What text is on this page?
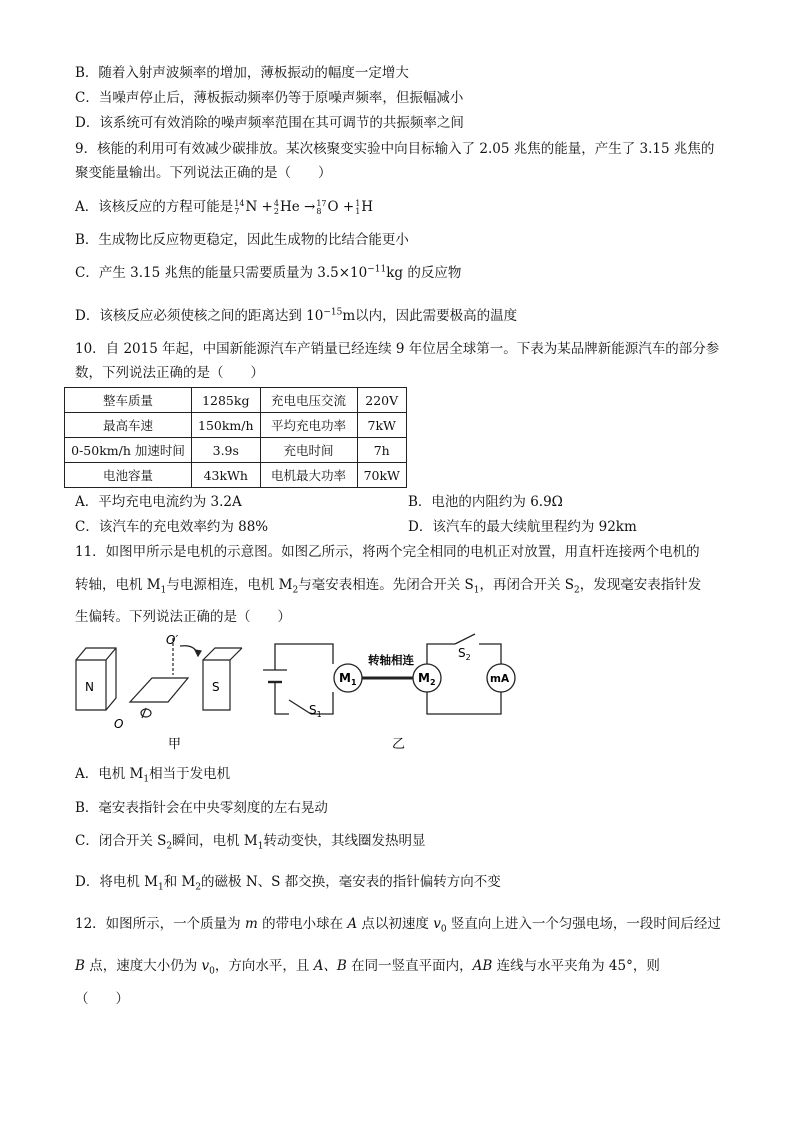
B．随着入射声波频率的增加，薄板振动的幅度一定增大
C．当噪声停止后，薄板振动频率仍等于原噪声频率，但振幅减小
D．该系统可有效消除的噪声频率范围在其可调节的共振频率之间
9．核能的利用可有效减少碳排放。某次核聚变实验中向目标输入了 2.05 兆焦的能量，产生了 3.15 兆焦的
聚变能量输出。下列说法正确的是（　　）
A．该核反应的方程可能是 14
7 N + 4
2 He → 17
8 O + 1
1 H
B．生成物比反应物更稳定，因此生成物的比结合能更小
C．产生 3.15 兆焦的能量只需要质量为 $3.5\times 10^{-11}kg$ 的反应物
D．该核反应必须使核之间的距离达到 $10^{-15}m$以内，因此需要极高的温度
10．自 2015 年起，中国新能源汽车产销量已经连续 9 年位居全球第一。下表为某品牌新能源汽车的部分参
数，下列说法正确的是（　　）
整车质量	1285kg	充电电压交流	220V
最高车速	150km/h	平均充电功率	7kW
0-50km/h 加速时间	3.9s	充电时间	7h
电池容量	43kWh	电机最大功率	70kW
A．平均充电电流约为 3.2A	B．电池的内阻约为 6.9Ω
C．该汽车的充电效率约为 88%	D．该汽车的最大续航里程约为 92km
11．如图甲所示是电机的示意图。如图乙所示，将两个完全相同的电机正对放置，用直杆连接两个电机的
转轴，电机 $M_1$与电源相连，电机 $M_2$与毫安表相连。先闭合开关 $S_1$，再闭合开关 $S_2$，发现毫安表指针发
生偏转。下列说法正确的是（　　）
N	S
O′
O
甲
转轴相连
$M_1$	$M_2$	mA
$S_1$
$S_2$
乙
A．电机 $M_1$相当于发电机
B．毫安表指针会在中央零刻度的左右晃动
C．闭合开关 $S_2$瞬间，电机 $M_1$转动变快，其线圈发热明显
D．将电机 $M_1$和 $M_2$的磁极 N、S 都交换，毫安表的指针偏转方向不变
12．如图所示，一个质量为 m 的带电小球在 A 点以初速度 $v_0$ 竖直向上进入一个匀强电场，一段时间后经过
B 点，速度大小仍为 $v_0$，方向水平，且 A、B 在同一竖直平面内，AB 连线与水平夹角为 45°，则
（　　）
